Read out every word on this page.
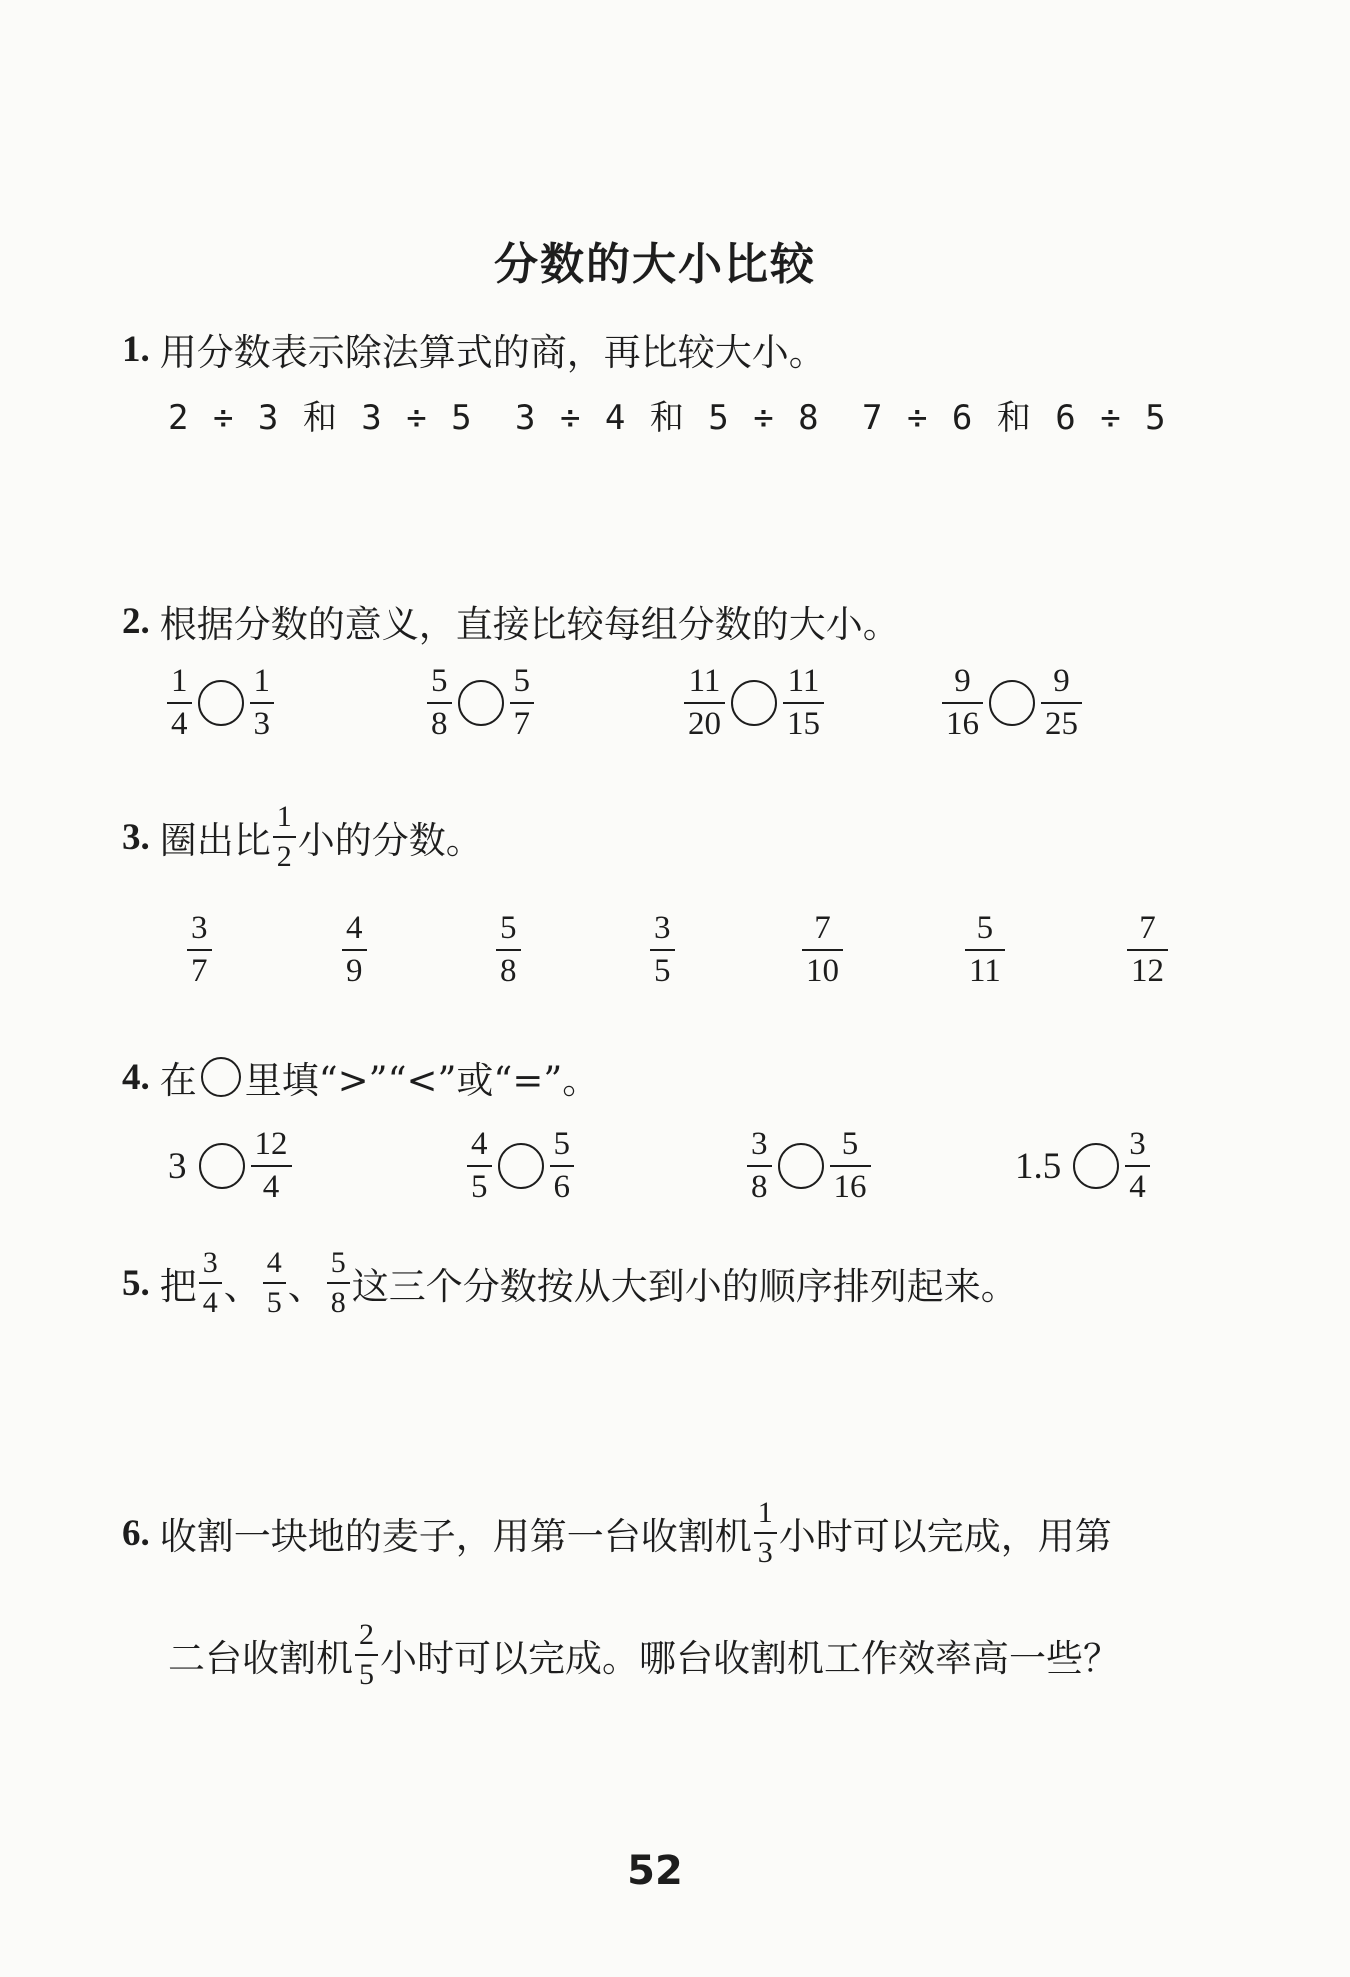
分数的大小比较
1. 用分数表示除法算式的商，再比较大小。
2 ÷ 3 和 3 ÷ 5 3 ÷ 4 和 5 ÷ 8 7 ÷ 6 和 6 ÷ 5
2. 根据分数的意义，直接比较每组分数的大小。
$\frac{1}{4} \frac{1}{3}$	$\frac{5}{8} \frac{5}{7}$	$\frac{11}{20} \frac{11}{15}$	$\frac{9}{16} \frac{9}{25}$
3. 圈出比 $\frac{1}{2}$ 小的分数。
$\frac{3}{7}$	$\frac{4}{9}$	$\frac{5}{8}$	$\frac{3}{5}$	$\frac{7}{10}$	$\frac{5}{11}$	$\frac{7}{12}$
4. 在 里填“>”“<”或“=”。
$3 \frac{12}{4}$	$\frac{4}{5} \frac{5}{6}$	$\frac{3}{8} \frac{5}{16}$	$1.5 \frac{3}{4}$
5. 把 $\frac{3}{4}$ 、 $\frac{4}{5}$ 、 $\frac{5}{8}$ 这三个分数按从大到小的顺序排列起来。
6. 收割一块地的麦子，用第一台收割机 $\frac{1}{3}$ 小时可以完成，用第
二台收割机 $\frac{2}{5}$ 小时可以完成。哪台收割机工作效率高一些？
52
